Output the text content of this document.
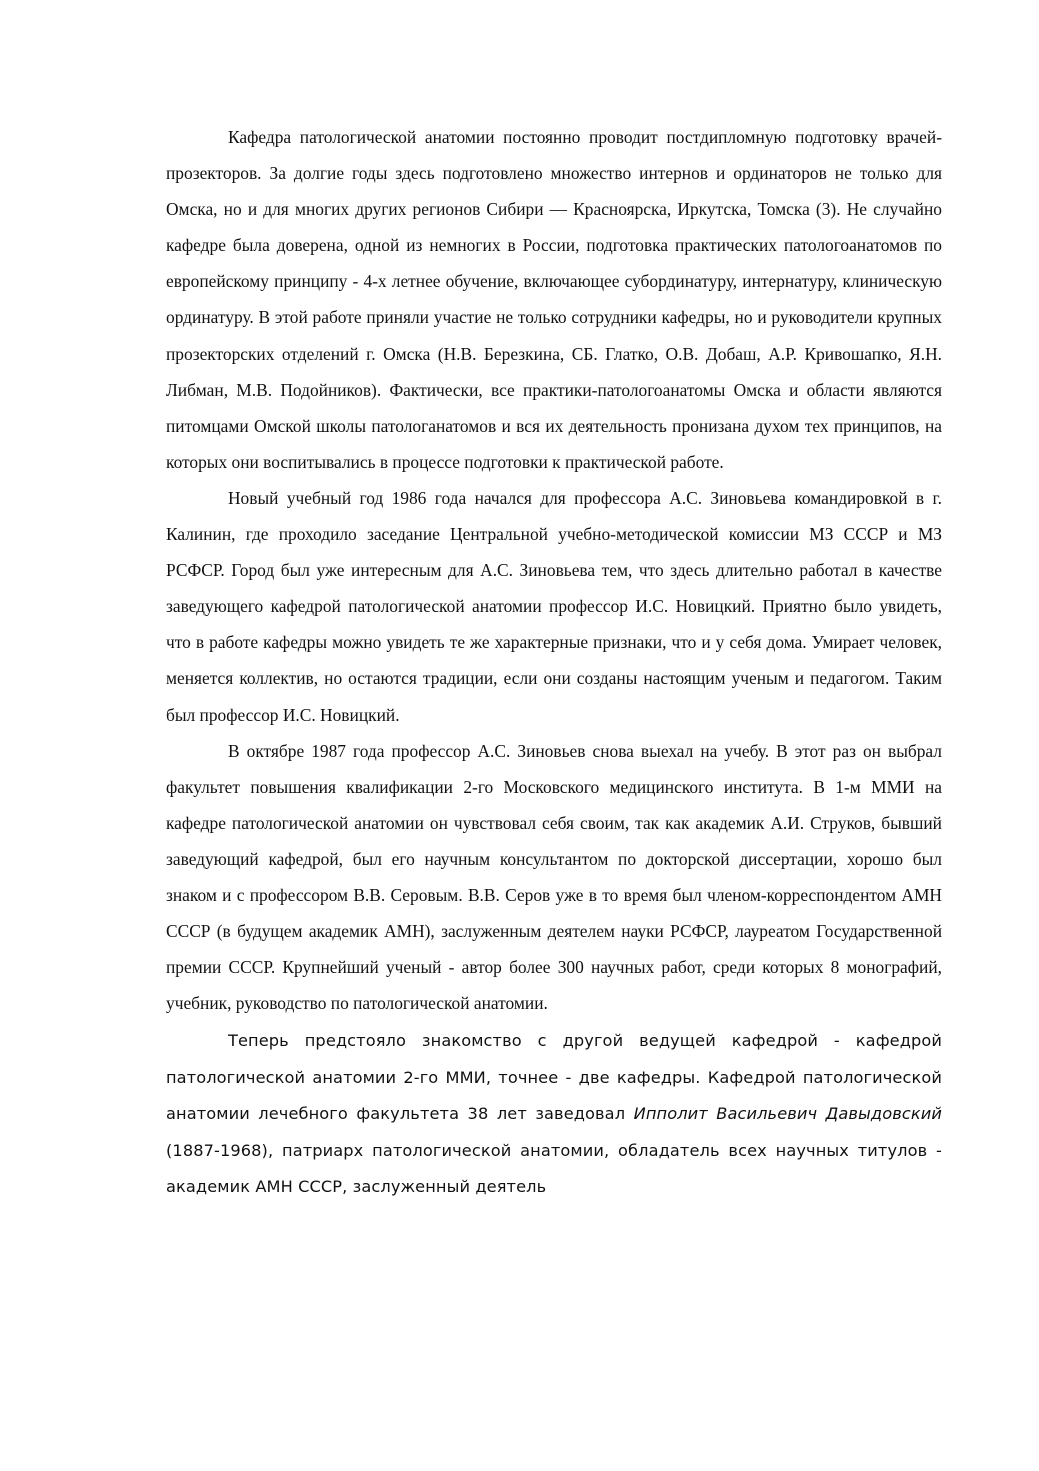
Кафедра патологической анатомии постоянно проводит постдипломную подготовку врачей-прозекторов. За долгие годы здесь подготовлено множество интернов и ординаторов не только для Омска, но и для многих других регионов Сибири — Красноярска, Иркутска, Томска (3). Не случайно кафедре была доверена, одной из немногих в России, подготовка практических патологоанатомов по европейскому принципу - 4-х летнее обучение, включающее субординатуру, интернатуру, клиническую ординатуру. В этой работе приняли участие не только сотрудники кафедры, но и руководители крупных прозекторских отделений г. Омска (Н.В. Березкина, СБ. Глатко, О.В. Добаш, А.Р. Кривошапко, Я.Н. Либман, М.В. Подойников). Фактически, все практики-патологоанатомы Омска и области являются питомцами Омской школы патологанатомов и вся их деятельность пронизана духом тех принципов, на которых они воспитывались в процессе подготовки к практической работе.

Новый учебный год 1986 года начался для профессора А.С. Зиновьева командировкой в г. Калинин, где проходило заседание Центральной учебно-методической комиссии МЗ СССР и МЗ РСФСР. Город был уже интересным для А.С. Зиновьева тем, что здесь длительно работал в качестве заведующего кафедрой патологической анатомии профессор И.С. Новицкий. Приятно было увидеть, что в работе кафедры можно увидеть те же характерные признаки, что и у себя дома. Умирает человек, меняется коллектив, но остаются традиции, если они созданы настоящим ученым и педагогом. Таким был профессор И.С. Новицкий.

В октябре 1987 года профессор А.С. Зиновьев снова выехал на учебу. В этот раз он выбрал факультет повышения квалификации 2-го Московского медицинского института. В 1-м ММИ на кафедре патологической анатомии он чувствовал себя своим, так как академик А.И. Струков, бывший заведующий кафедрой, был его научным консультантом по докторской диссертации, хорошо был знаком и с профессором В.В. Серовым. В.В. Серов уже в то время был членом-корреспондентом АМН СССР (в будущем академик АМН), заслуженным деятелем науки РСФСР, лауреатом Государственной премии СССР. Крупнейший ученый - автор более 300 научных работ, среди которых 8 монографий, учебник, руководство по патологической анатомии.

Теперь предстояло знакомство с другой ведущей кафедрой - кафедрой патологической анатомии 2-го ММИ, точнее - две кафедры. Кафедрой патологической анатомии лечебного факультета 38 лет заведовал Ипполит Васильевич Давыдовский (1887-1968), патриарх патологической анатомии, обладатель всех научных титулов - академик АМН СССР, заслуженный деятель
